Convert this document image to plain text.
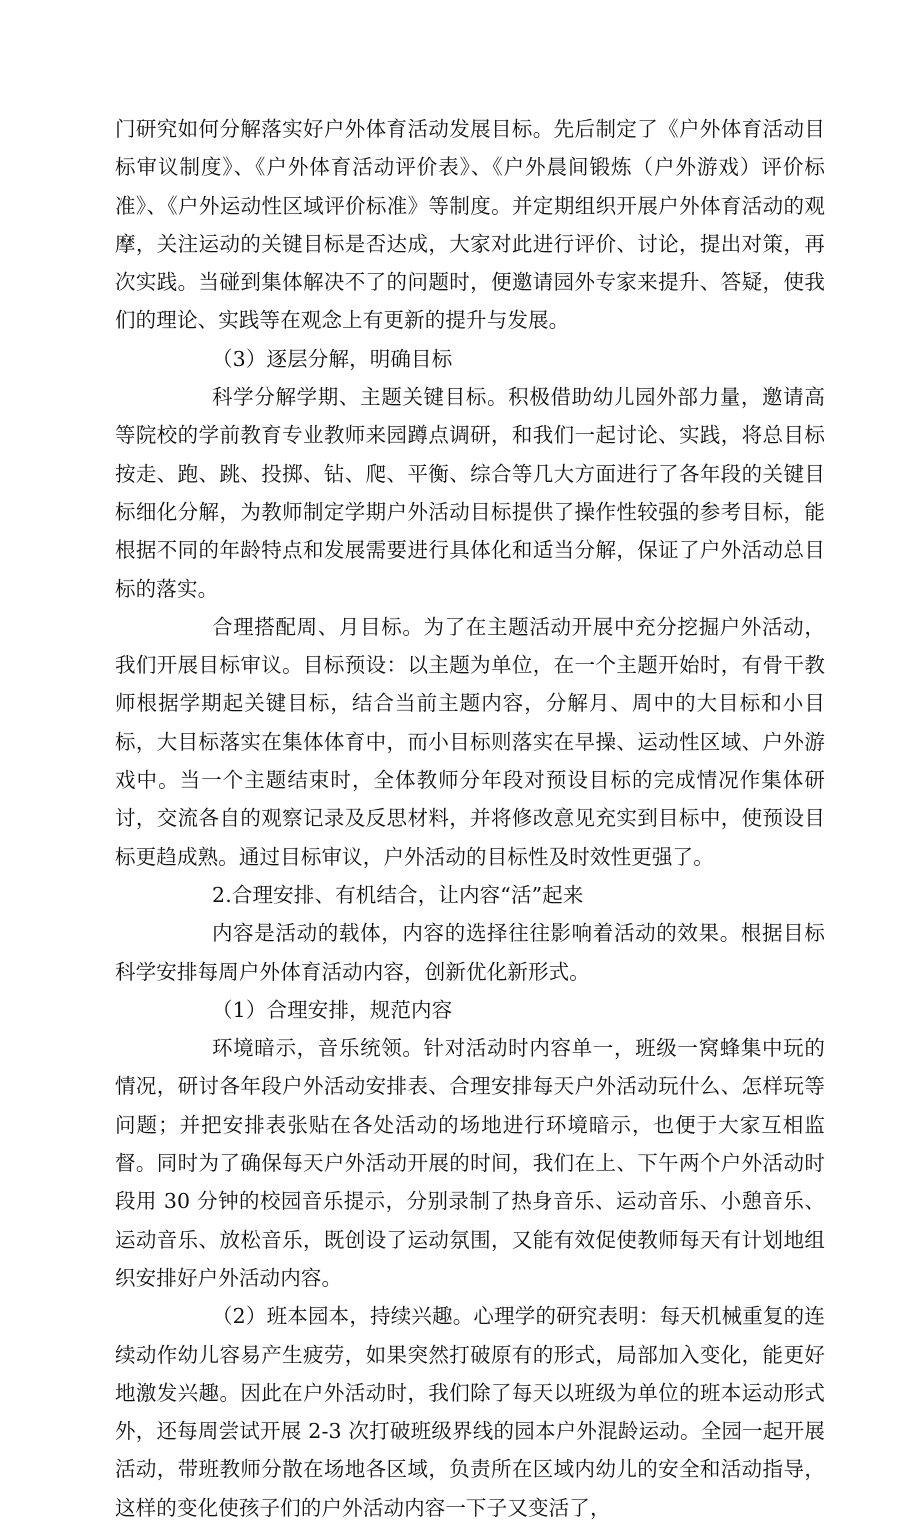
门研究如何分解落实好户外体育活动发展目标。先后制定了《户外体育活动目标审议制度》、《户外体育活动评价表》、《户外晨间锻炼（户外游戏）评价标准》、《户外运动性区域评价标准》等制度。并定期组织开展户外体育活动的观摩，关注运动的关键目标是否达成，大家对此进行评价、讨论，提出对策，再次实践。当碰到集体解决不了的问题时，便邀请园外专家来提升、答疑，使我们的理论、实践等在观念上有更新的提升与发展。

（3）逐层分解，明确目标

科学分解学期、主题关键目标。积极借助幼儿园外部力量，邀请高等院校的学前教育专业教师来园蹲点调研，和我们一起讨论、实践，将总目标按走、跑、跳、投掷、钻、爬、平衡、综合等几大方面进行了各年段的关键目标细化分解，为教师制定学期户外活动目标提供了操作性较强的参考目标，能根据不同的年龄特点和发展需要进行具体化和适当分解，保证了户外活动总目标的落实。

合理搭配周、月目标。为了在主题活动开展中充分挖掘户外活动，我们开展目标审议。目标预设：以主题为单位，在一个主题开始时，有骨干教师根据学期起关键目标，结合当前主题内容，分解月、周中的大目标和小目标，大目标落实在集体体育中，而小目标则落实在早操、运动性区域、户外游戏中。当一个主题结束时，全体教师分年段对预设目标的完成情况作集体研讨，交流各自的观察记录及反思材料，并将修改意见充实到目标中，使预设目标更趋成熟。通过目标审议，户外活动的目标性及时效性更强了。

2.合理安排、有机结合，让内容“活”起来

内容是活动的载体，内容的选择往往影响着活动的效果。根据目标科学安排每周户外体育活动内容，创新优化新形式。

（1）合理安排，规范内容

环境暗示，音乐统领。针对活动时内容单一，班级一窝蜂集中玩的情况，研讨各年段户外活动安排表、合理安排每天户外活动玩什么、怎样玩等问题；并把安排表张贴在各处活动的场地进行环境暗示，也便于大家互相监督。同时为了确保每天户外活动开展的时间，我们在上、下午两个户外活动时段用 30 分钟的校园音乐提示，分别录制了热身音乐、运动音乐、小憩音乐、运动音乐、放松音乐，既创设了运动氛围，又能有效促使教师每天有计划地组织安排好户外活动内容。

（2）班本园本，持续兴趣。心理学的研究表明：每天机械重复的连续动作幼儿容易产生疲劳，如果突然打破原有的形式，局部加入变化，能更好地激发兴趣。因此在户外活动时，我们除了每天以班级为单位的班本运动形式外，还每周尝试开展 2-3 次打破班级界线的园本户外混龄运动。全园一起开展活动，带班教师分散在场地各区域，负责所在区域内幼儿的安全和活动指导，这样的变化使孩子们的户外活动内容一下子又变活了，
